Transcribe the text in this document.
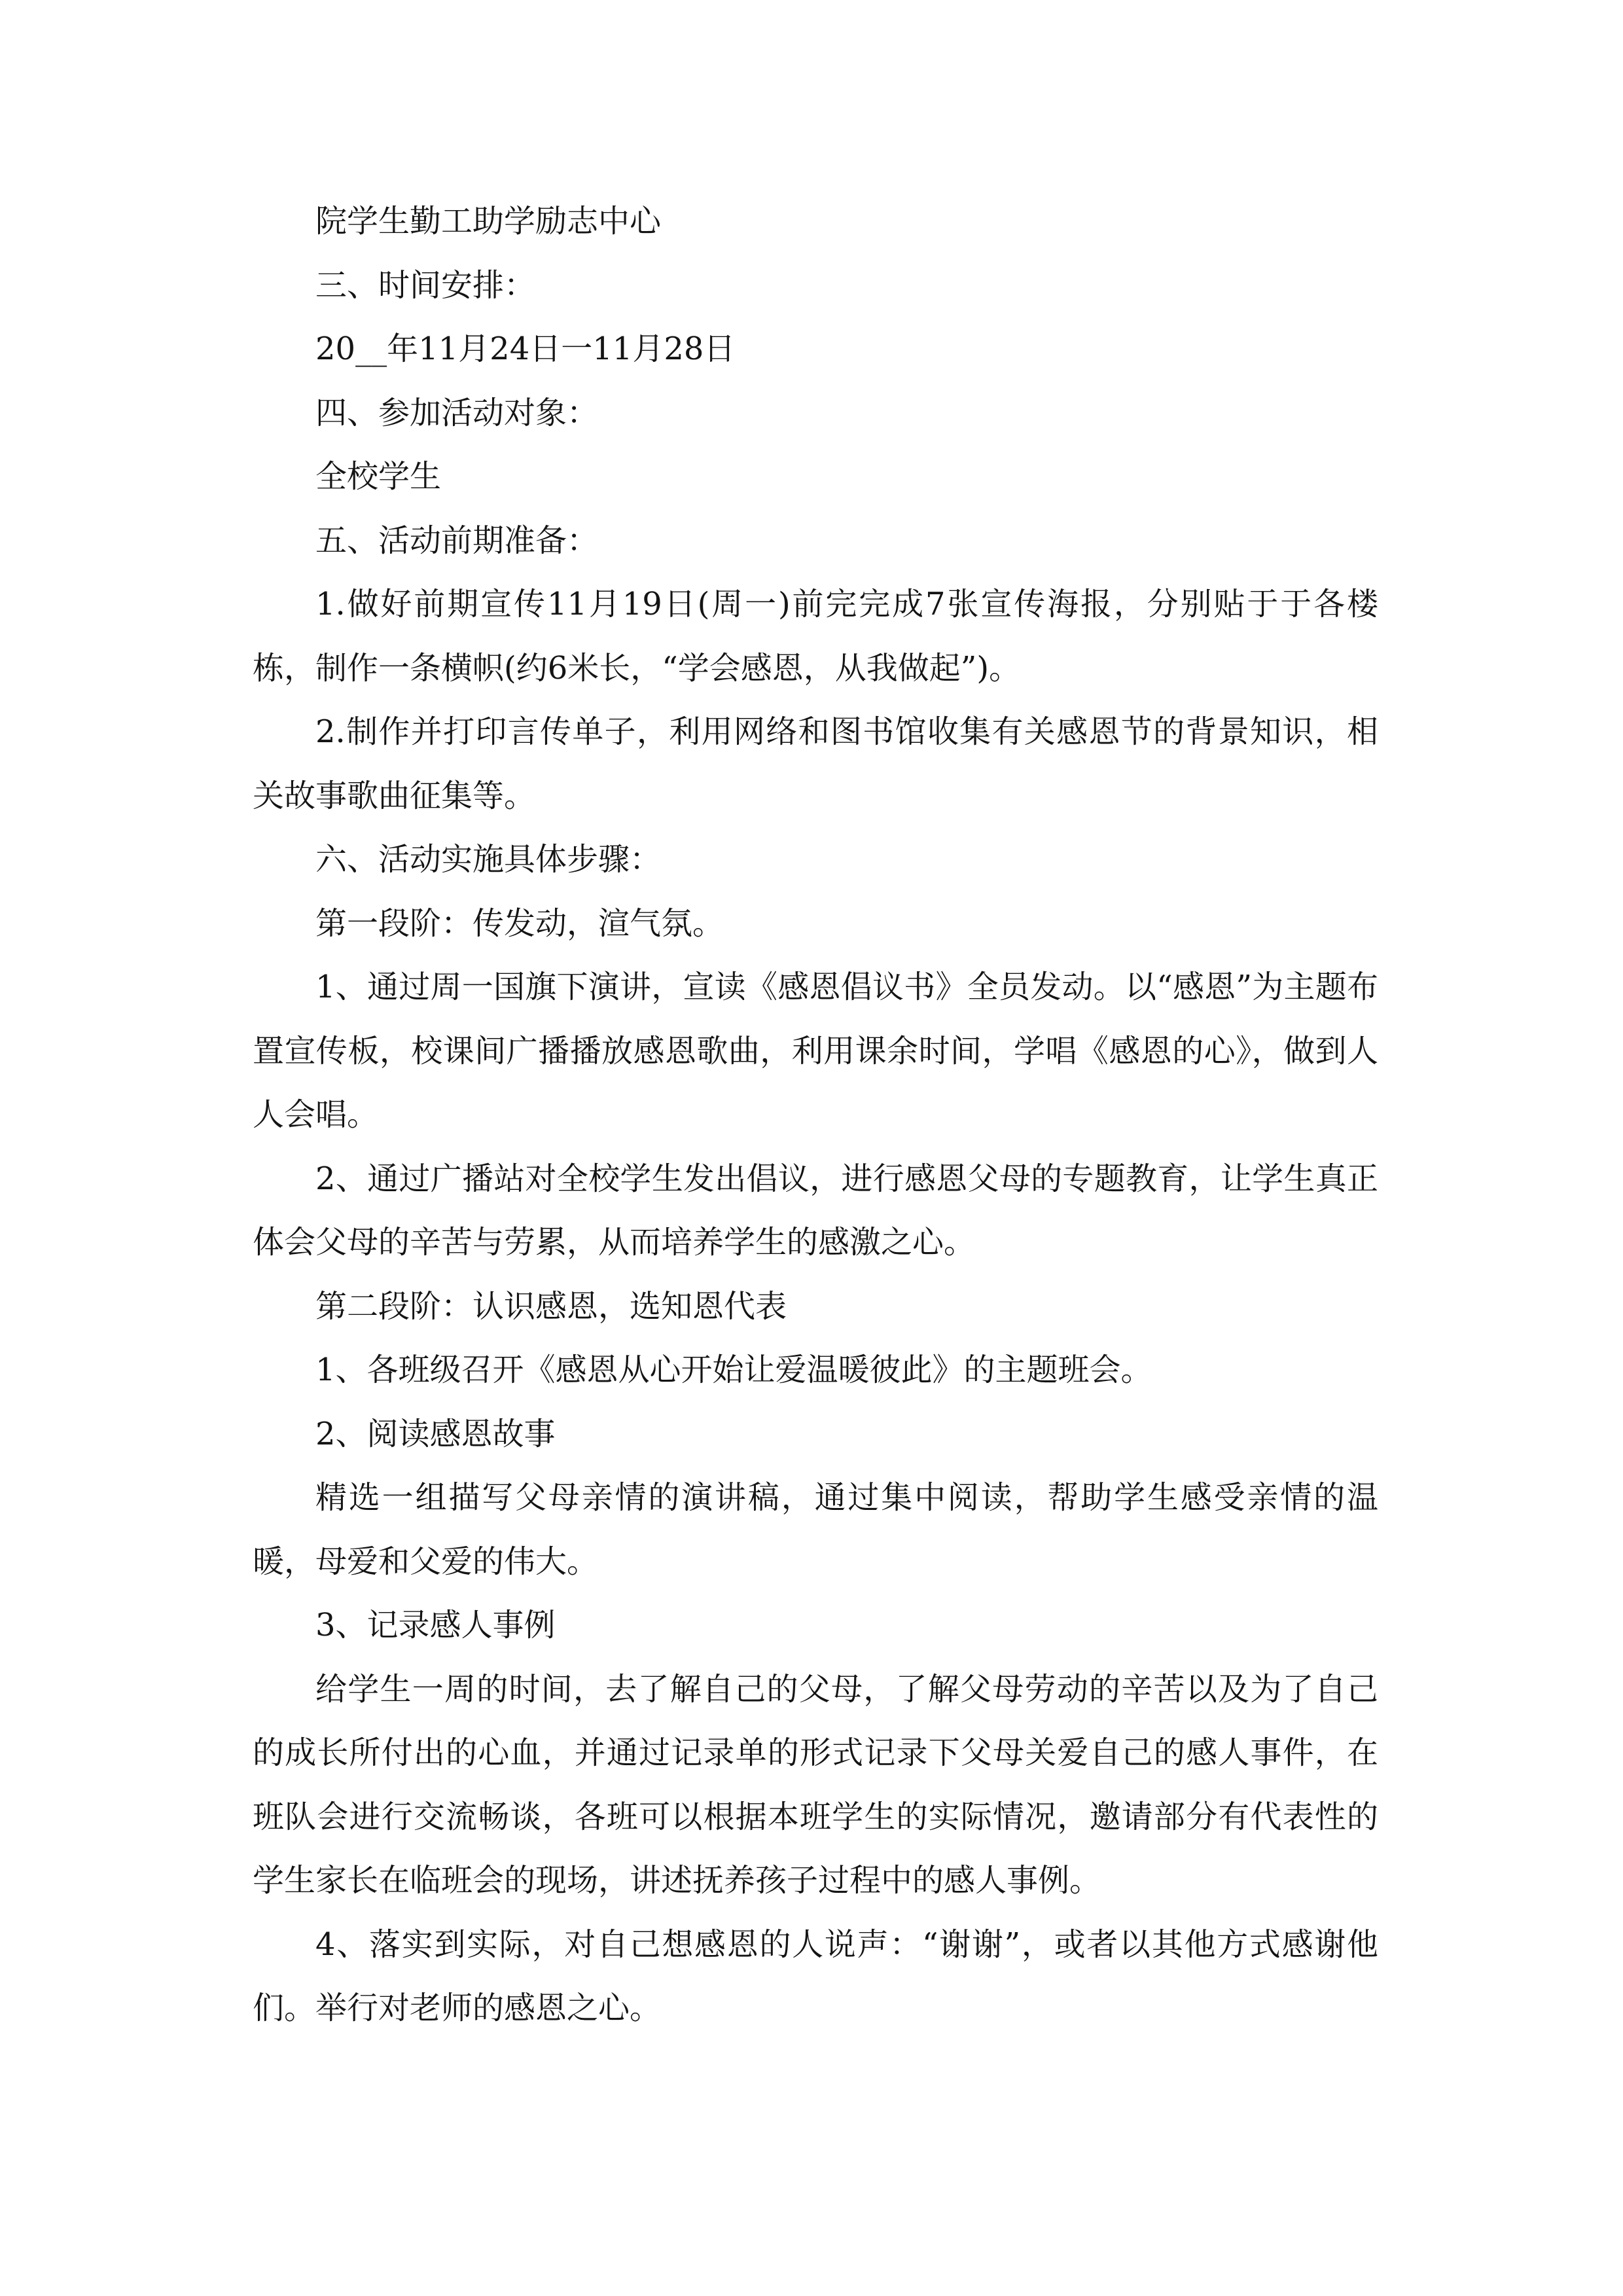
院学生勤工助学励志中心

三、时间安排：

20__年11月24日一11月28日

四、参加活动对象：

全校学生

五、活动前期准备：

1.做好前期宣传11月19日(周一)前完完成7张宣传海报，分别贴于于各楼栋，制作一条横帜(约6米长，“学会感恩，从我做起”)。

2.制作并打印言传单子，利用网络和图书馆收集有关感恩节的背景知识，相关故事歌曲征集等。

六、活动实施具体步骤：

第一段阶：传发动，渲气氛。

1、通过周一国旗下演讲，宣读《感恩倡议书》全员发动。以“感恩”为主题布置宣传板，校课间广播播放感恩歌曲，利用课余时间，学唱《感恩的心》，做到人人会唱。

2、通过广播站对全校学生发出倡议，进行感恩父母的专题教育，让学生真正体会父母的辛苦与劳累，从而培养学生的感激之心。

第二段阶：认识感恩，选知恩代表

1、各班级召开《感恩从心开始让爱温暖彼此》的主题班会。

2、阅读感恩故事

精选一组描写父母亲情的演讲稿，通过集中阅读，帮助学生感受亲情的温暖，母爱和父爱的伟大。

3、记录感人事例

给学生一周的时间，去了解自己的父母，了解父母劳动的辛苦以及为了自己的成长所付出的心血，并通过记录单的形式记录下父母关爱自己的感人事件，在班队会进行交流畅谈，各班可以根据本班学生的实际情况，邀请部分有代表性的学生家长在临班会的现场，讲述抚养孩子过程中的感人事例。

4、落实到实际，对自己想感恩的人说声：“谢谢”，或者以其他方式感谢他们。举行对老师的感恩之心。
